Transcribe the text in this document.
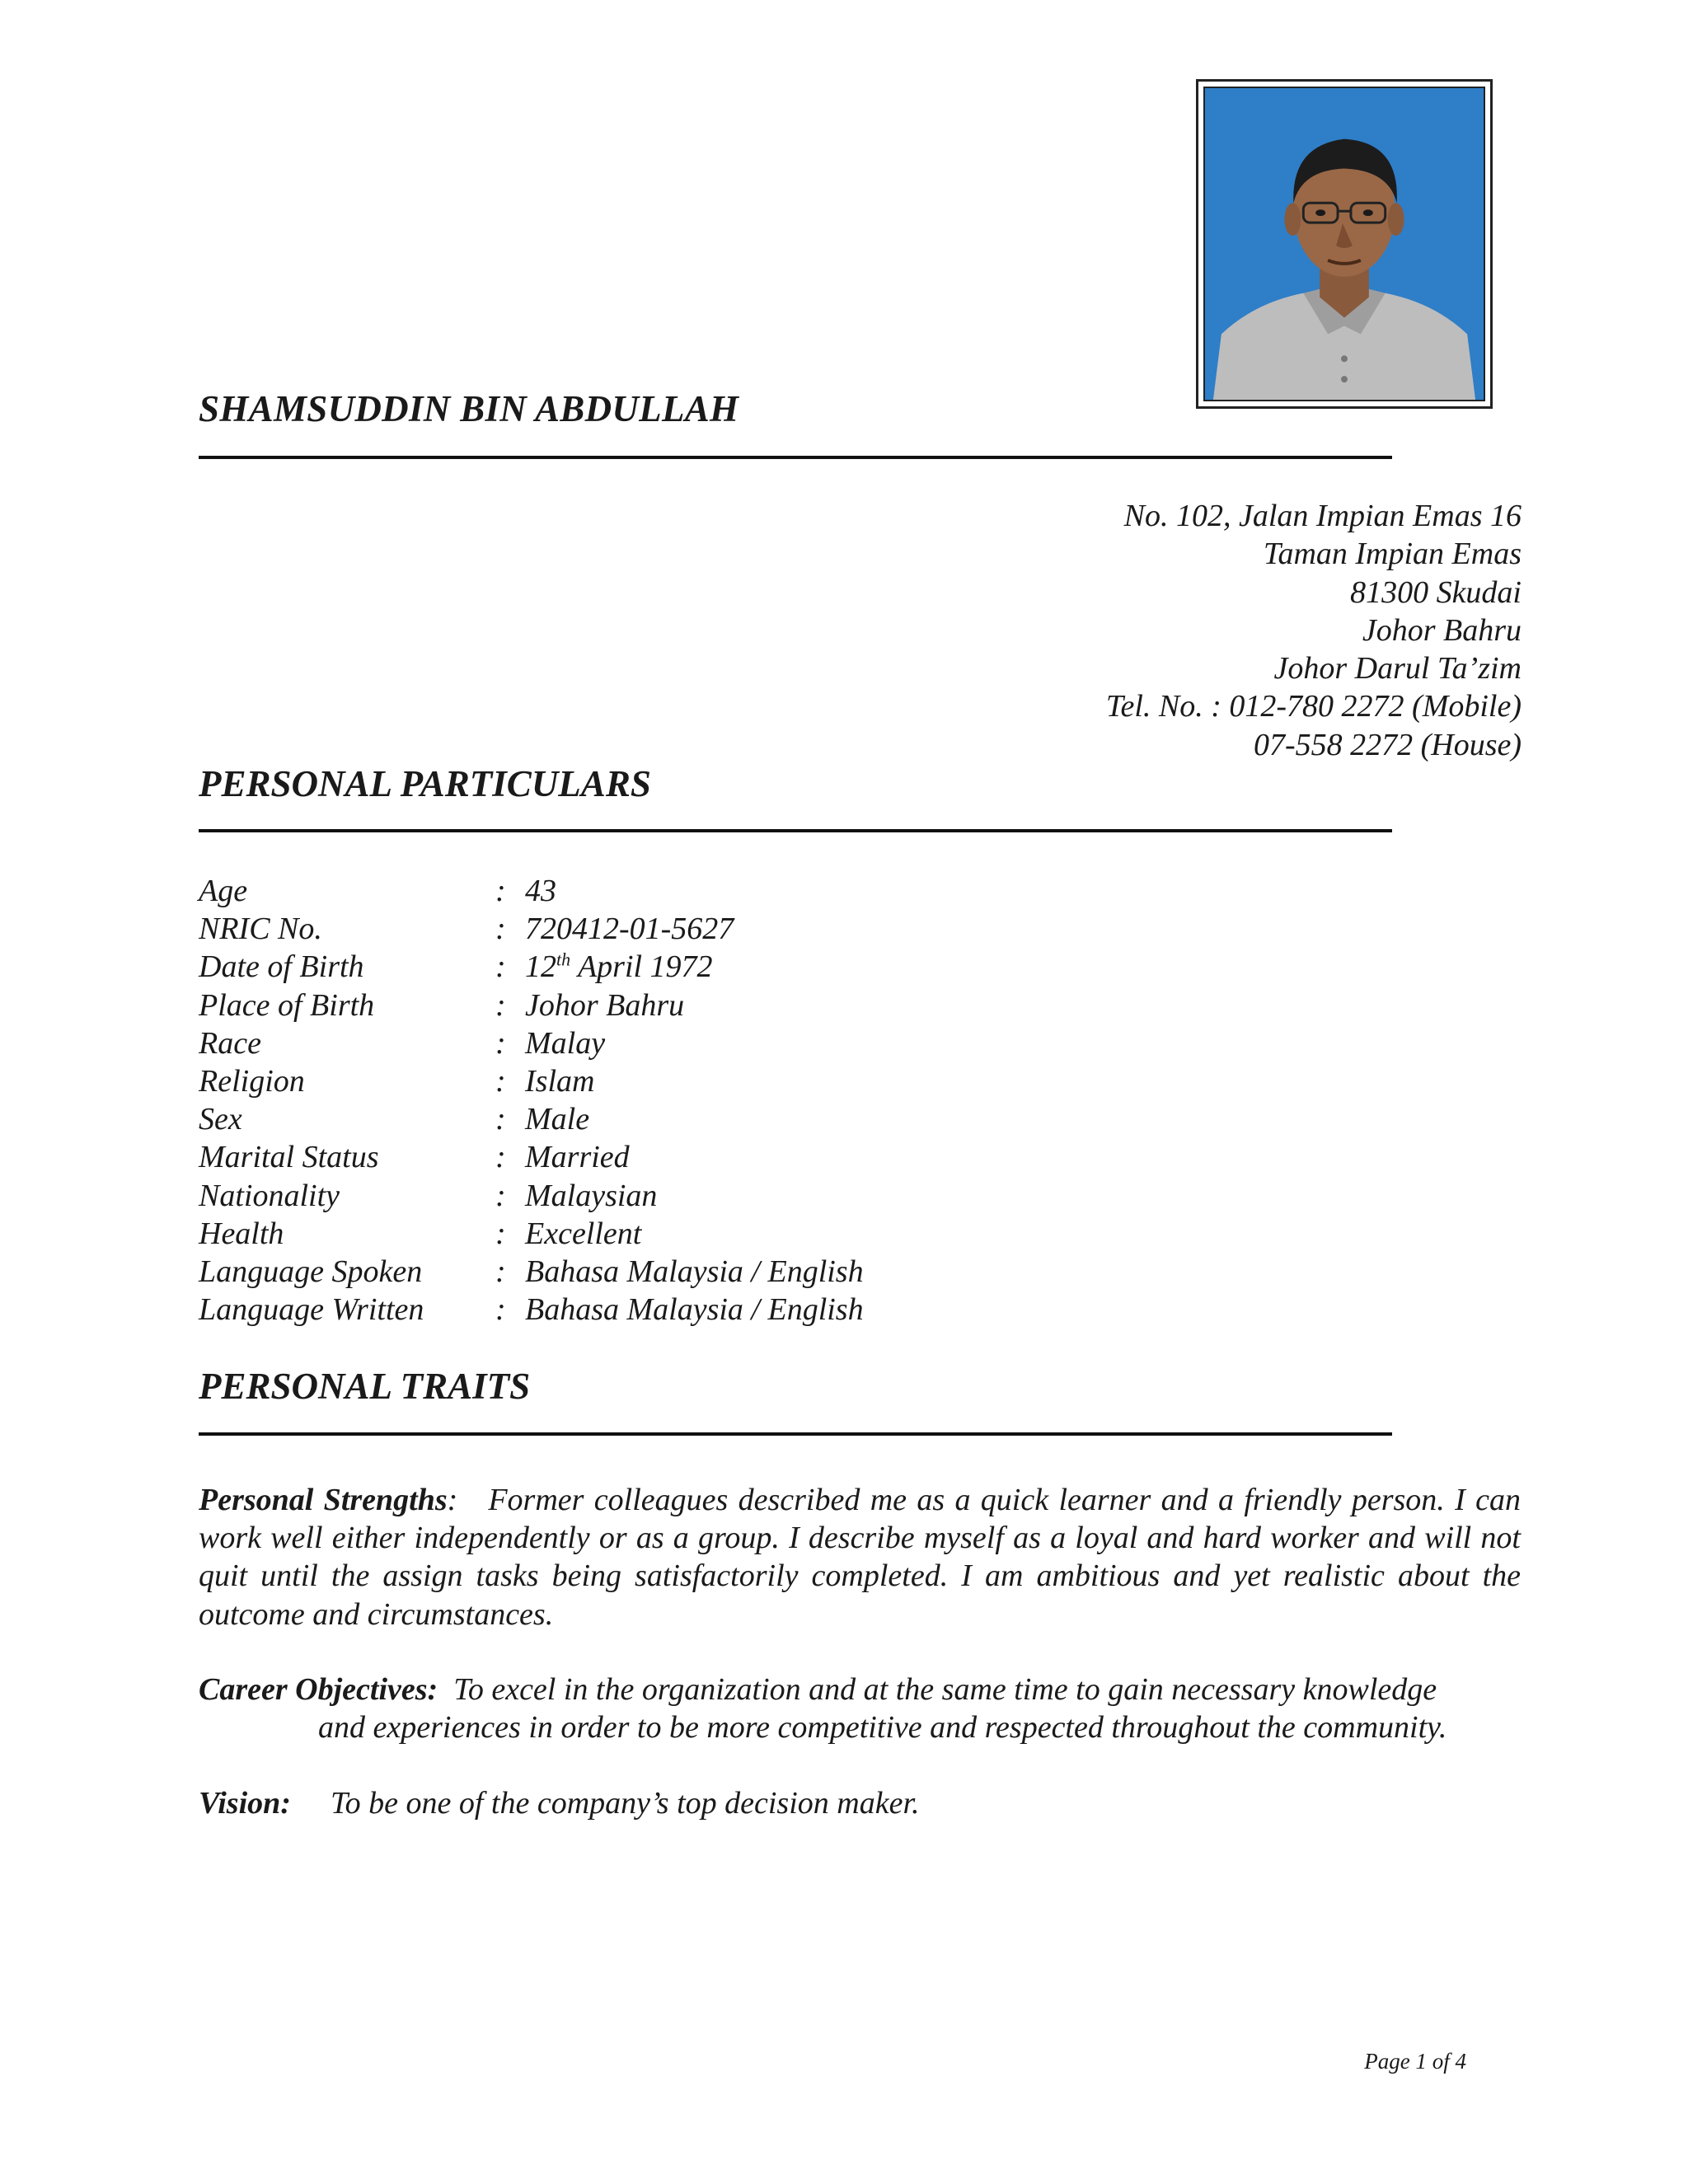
SHAMSUDDIN BIN ABDULLAH
No. 102, Jalan Impian Emas 16
Taman Impian Emas
81300 Skudai
Johor Bahru
Johor Darul Ta’zim
Tel. No. : 012-780 2272 (Mobile)
07-558 2272 (House)
PERSONAL PARTICULARS
Age	: 43
NRIC No.	: 720412-01-5627
Date of Birth	: 12th April 1972
Place of Birth	: Johor Bahru
Race	: Malay
Religion	: Islam
Sex	: Male
Marital Status	: Married
Nationality	: Malaysian
Health	: Excellent
Language Spoken	: Bahasa Malaysia / English
Language Written	: Bahasa Malaysia / English
PERSONAL TRAITS
Personal Strengths: Former colleagues described me as a quick learner and a friendly person. I can work well either independently or as a group. I describe myself as a loyal and hard worker and will not quit until the assign tasks being satisfactorily completed. I am ambitious and yet realistic about the outcome and circumstances.
Career Objectives: To excel in the organization and at the same time to gain necessary knowledge
and experiences in order to be more competitive and respected throughout the community.
Vision: To be one of the company’s top decision maker.
Page 1 of 4
